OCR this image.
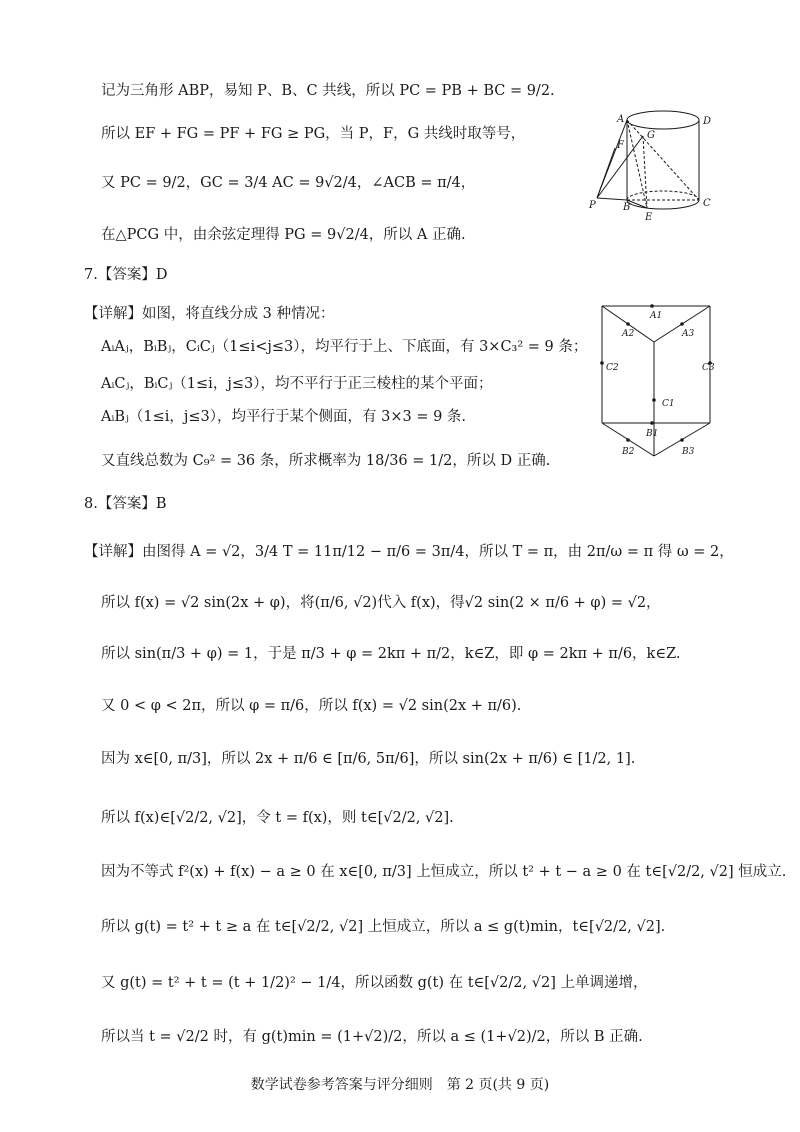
记为三角形 ABP，易知 P、B、C 共线，所以 PC = PB + BC = 9/2.
所以 EF + FG = PF + FG ≥ PG，当 P，F，G 共线时取等号，
又 PC = 9/2，GC = 3/4 AC = 9√2/4，∠ACB = π/4，
在△PCG 中，由余弦定理得 PG = 9√2/4，所以 A 正确.
7.【答案】D
【详解】如图，将直线分成 3 种情况：
AᵢAⱼ，BᵢBⱼ，CᵢCⱼ（1≤i<j≤3），均平行于上、下底面，有 3×C₃² = 9 条；
AᵢCⱼ，BᵢCⱼ（1≤i，j≤3），均不平行于正三棱柱的某个平面；
AᵢBⱼ（1≤i，j≤3），均平行于某个侧面，有 3×3 = 9 条.
又直线总数为 C₉² = 36 条，所求概率为 18/36 = 1/2，所以 D 正确.
8.【答案】B
【详解】由图得 A = √2，3/4 T = 11π/12 − π/6 = 3π/4，所以 T = π，由 2π/ω = π 得 ω = 2，
所以 f(x) = √2 sin(2x + φ)，将(π/6, √2)代入 f(x)，得√2 sin(2 × π/6 + φ) = √2，
所以 sin(π/3 + φ) = 1，于是 π/3 + φ = 2kπ + π/2，k∈Z，即 φ = 2kπ + π/6，k∈Z.
又 0 < φ < 2π，所以 φ = π/6，所以 f(x) = √2 sin(2x + π/6).
因为 x∈[0, π/3]，所以 2x + π/6 ∈ [π/6, 5π/6]，所以 sin(2x + π/6) ∈ [1/2, 1].
所以 f(x)∈[√2/2, √2]，令 t = f(x)，则 t∈[√2/2, √2].
因为不等式 f²(x) + f(x) − a ≥ 0 在 x∈[0, π/3] 上恒成立，所以 t² + t − a ≥ 0 在 t∈[√2/2, √2] 恒成立.
所以 g(t) = t² + t ≥ a 在 t∈[√2/2, √2] 上恒成立，所以 a ≤ g(t)min，t∈[√2/2, √2].
又 g(t) = t² + t = (t + 1/2)² − 1/4，所以函数 g(t) 在 t∈[√2/2, √2] 上单调递增，
所以当 t = √2/2 时，有 g(t)min = (1+√2)/2，所以 a ≤ (1+√2)/2，所以 B 正确.
数学试卷参考答案与评分细则　第 2 页(共 9 页)
A	D
G
F
P	B
E
C
A1
A2	A3
C2	C3
C1
B1
B2	B3
